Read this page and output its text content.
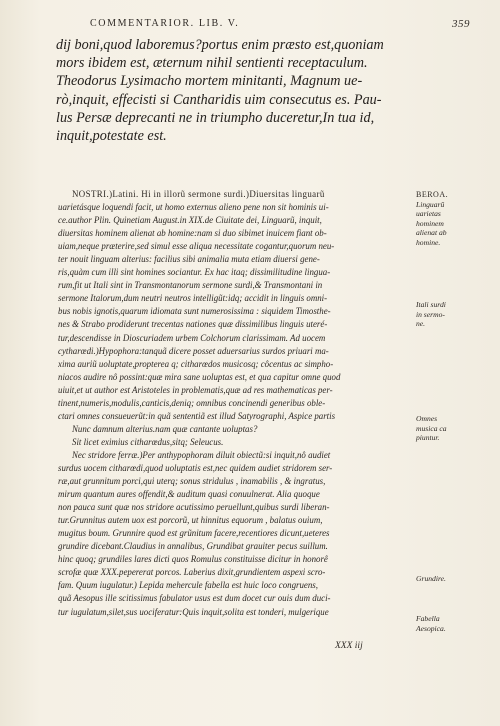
COMMENTARIOR. LIB. V.	359
dij boni,quod laboremus?portus enim præsto est,quoniam
mors ibidem est, æternum nihil sentienti receptaculum.
Theodorus Lysimacho mortem minitanti, Magnum ue-
rò,inquit, effecisti si Cantharidis uim consecutus es. Pau-
lus Persæ deprecanti ne in triumpho duceretur,In tua id,
inquit,potestate est.
NOSTRI.)Latini. Hi in illorũ sermone surdi.)Diuersitas linguarũ
uarietásque loquendi facit, ut homo externus alieno pene non sit hominis ui-
ce.author Plin. Quinetiam August.in XIX.de Ciuitate dei, Linguarũ, inquit,
diuersitas hominem alienat ab homine:nam si duo sibimet inuicem fiant ob-
uiam,neque præterire,sed simul esse aliqua necessitate cogantur,quorum neu-
ter nouit linguam alterius: facilius sibi animalia muta etiam diuersi gene-
ris,quàm cum illi sint homines sociantur. Ex hac itaq; dissimilitudine lingua-
rum,fit ut Itali sint in Transmontanorum sermone surdi,& Transmontani in
sermone Italorum,dum neutri neutros intelligũt:idq; accidit in linguis omni-
bus nobis ignotis,quarum idiomata sunt numerosissima : siquidem Timosthe-
nes & Strabo prodiderunt trecentas nationes quæ dissimilibus linguis uteré-
tur,descendisse in Dioscuriadem urbem Colchorum clarissimam. Ad uocem
cytharœdi.)Hypophora:tanquã dicere posset aduersarius surdos priuari ma-
xima auriũ uoluptate,propterea q; citharœdos musicosq; côcentus ac simpho-
niacos audire nô possint:quæ mira sane uoluptas est, et qua capitur omne quod
uiuit,et ut author est Aristoteles in problematis,quæ ad res mathematicas per-
tinent,numeris,modulis,canticis,deniq; omnibus concinendi generibus oble-
ctari omnes consueuerũt:in quã sententiã est illud Satyrographi, Aspice partis
Nunc damnum alterius.nam quæ cantante uoluptas?
Sit licet eximius citharœdus,sitq; Seleucus.
Nec stridore ferræ.)Per anthypophoram diluit obiectũ:si inquit,nô audiet
surdus uocem citharœdi,quod uoluptatis est,nec quidem audiet stridorem ser-
ræ,aut grunnitum porci,qui uterq; sonus stridulus , inamabilis , & ingratus,
mirum quantum aures offendit,& auditum quasi conuulnerat. Alia quoque
non pauca sunt quæ nos stridore acutissimo peruellunt,quibus surdi liberan-
tur.Grunnitus autem uox est porcorũ, ut hinnitus equorum , balatus ouium,
mugitus boum. Grunnire quod est grũnitum facere,recentiores dicunt,ueteres
grundire dicebant.Claudius in annalibus, Grundibat grauiter pecus suillum.
hinc quoq; grundiles lares dicti quos Romulus constituisse dicitur in honorê
scrofæ quæ XXX.pepererat porcos. Laberius dixit,grundientem aspexi scro-
fam. Quum iugulatur.) Lepida mehercule fabella est huic loco congruens,
quã Aesopus ille scitissimus fabulator usus est dum docet cur ouis dum duci-
tur iugulatum,silet,sus uociferatur:Quis inquit,solita est tonderi, mulgerique
BEROA.
Linguarũ
uarietas
hominem
alienat ab
homine.
Itali surdi
in sermo-
ne.
Omnes
musica ca
piuntur.
Grundire.
Fabella
Aesopica.
XXX iij
